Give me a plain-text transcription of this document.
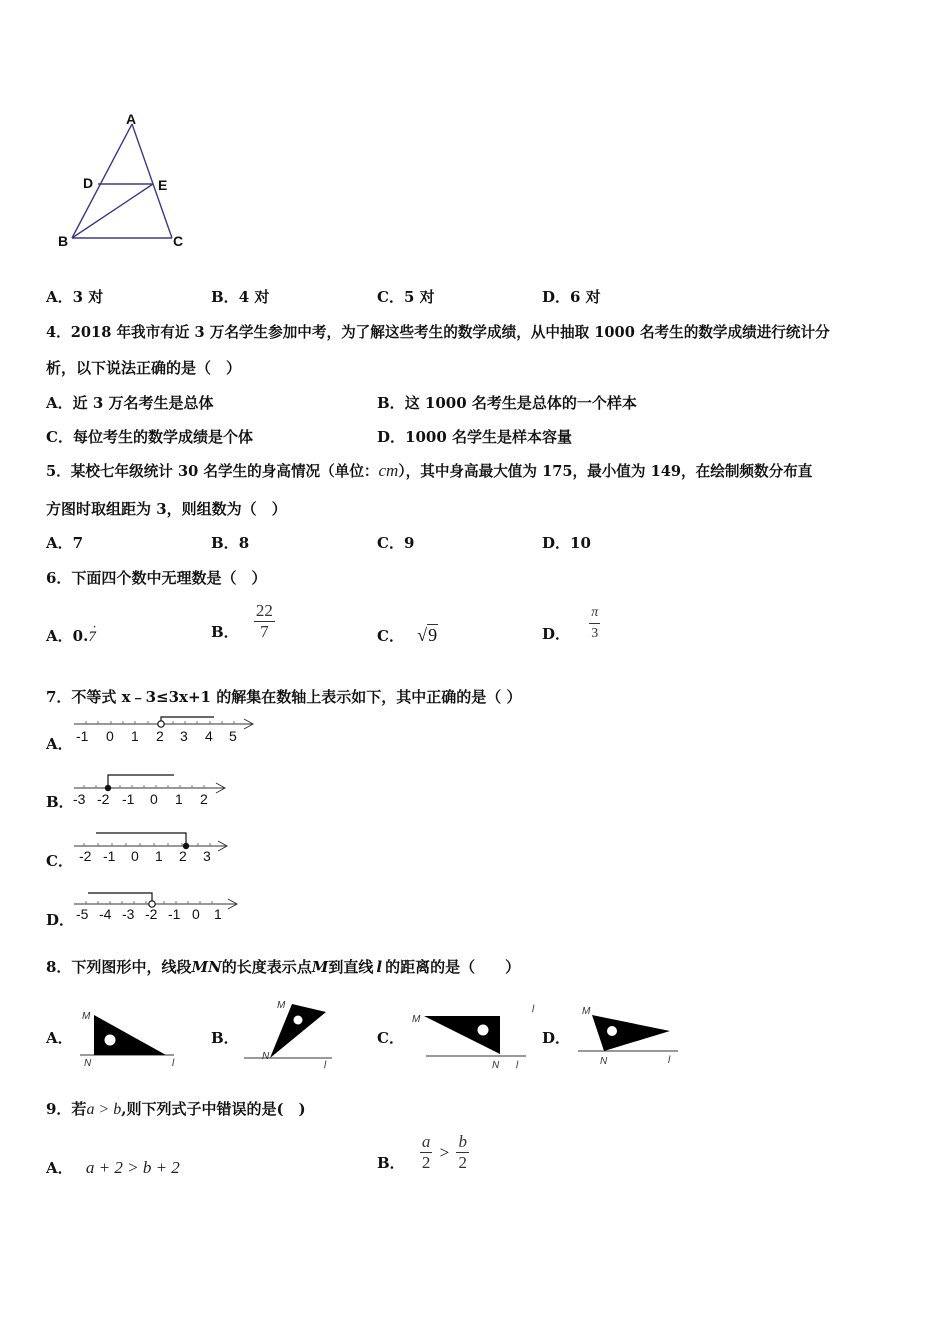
A
D	E
B	C
A．3 对	B．4 对	C．5 对	D．6 对
4．2018 年我市有近 3 万名学生参加中考，为了解这些考生的数学成绩，从中抽取 1000 名考生的数学成绩进行统计分
析，以下说法正确的是（　）
A．近 3 万名考生是总体	B．这 1000 名考生是总体的一个样本
C．每位考生的数学成绩是个体	D．1000 名学生是样本容量
5．某校七年级统计 30 名学生的身高情况（单位：cm），其中身高最大值为 175，最小值为 149，在绘制频数分布直
方图时取组距为 3，则组数为（　）
A．7	B．8	C．9	D．10
6．下面四个数中无理数是（　）
A．0.
·
7	B． $\frac{22}{7}$	C． √9	D． $\frac{\pi}{3}$
7．不等式 x﹣3≤3x+1 的解集在数轴上表示如下，其中正确的是（ ）
A． -1 0 1 2 3 4 5
B． -3 -2 -1 0 1 2
C． -2 -1 0 1 2 3
D． -5 -4 -3 -2 -1 0 1
8．下列图形中，线段MN的长度表示点M到直线 l 的距离的是（　　）
A．
M
N	l
B．
M
N
l
C．
M
N l
l
D．
M
N	l
9．若a > b,则下列式子中错误的是(　)
A． a + 2 > b + 2	B． $\frac{a}{2} > \frac{b}{2}$
